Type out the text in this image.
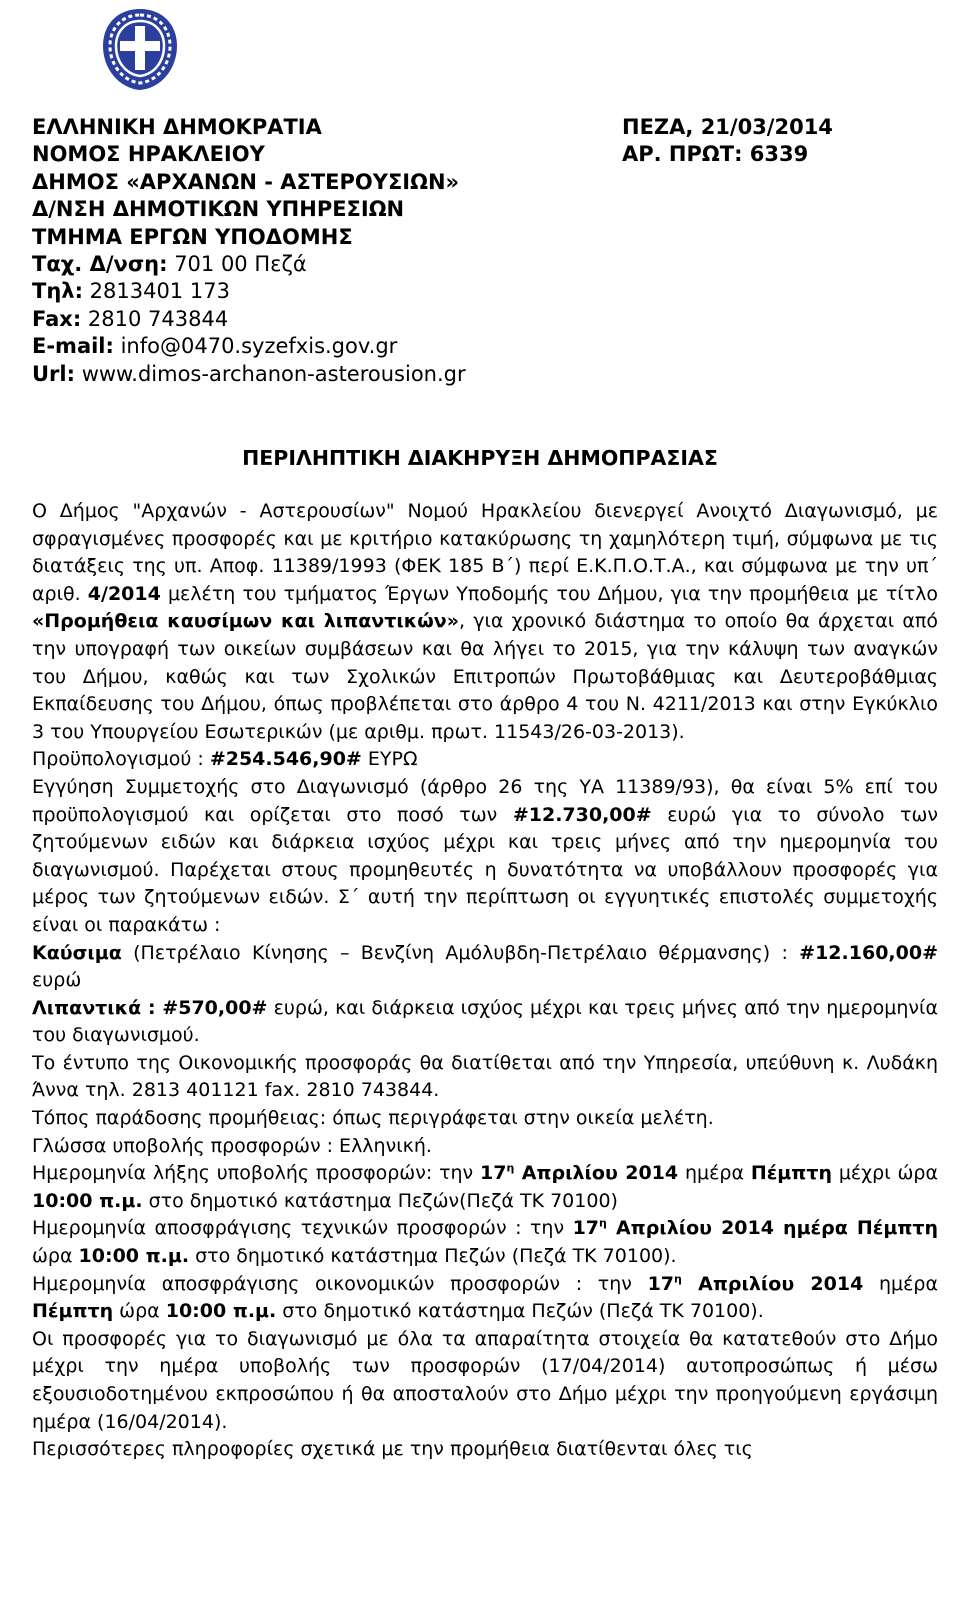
ΕΛΛΗΝΙΚΗ ΔΗΜΟΚΡΑΤΙΑ
ΝΟΜΟΣ ΗΡΑΚΛΕΙΟΥ
ΔΗΜΟΣ «ΑΡΧΑΝΩΝ - ΑΣΤΕΡΟΥΣΙΩΝ»
Δ/ΝΣΗ ΔΗΜΟΤΙΚΩΝ ΥΠΗΡΕΣΙΩΝ
ΤΜΗΜΑ ΕΡΓΩΝ ΥΠΟΔΟΜΗΣ
Ταχ. Δ/νση: 701 00 Πεζά
Τηλ: 2813401 173
Fax: 2810 743844
E-mail: info@0470.syzefxis.gov.gr
Url: www.dimos-archanon-asterousion.gr
ΠΕΖΑ, 21/03/2014
ΑΡ. ΠΡΩΤ: 6339
ΠΕΡΙΛΗΠΤΙΚΗ ΔΙΑΚΗΡΥΞΗ ΔΗΜΟΠΡΑΣΙΑΣ

Ο Δήμος "Αρχανών - Αστερουσίων" Νομού Ηρακλείου διενεργεί Ανοιχτό Διαγωνισμό, με σφραγισμένες προσφορές και με κριτήριο κατακύρωσης τη χαμηλότερη τιμή, σύμφωνα με τις διατάξεις της υπ. Αποφ. 11389/1993 (ΦΕΚ 185 Β΄) περί Ε.Κ.Π.Ο.Τ.Α., και σύμφωνα με την υπ΄ αριθ. 4/2014 μελέτη του τμήματος Έργων Υποδομής του Δήμου, για την προμήθεια με τίτλο «Προμήθεια καυσίμων και λιπαντικών», για χρονικό διάστημα το οποίο θα άρχεται από την υπογραφή των οικείων συμβάσεων και θα λήγει το 2015, για την κάλυψη των αναγκών του Δήμου, καθώς και των Σχολικών Επιτροπών Πρωτοβάθμιας και Δευτεροβάθμιας Εκπαίδευσης του Δήμου, όπως προβλέπεται στο άρθρο 4 του Ν. 4211/2013 και στην Εγκύκλιο 3 του Υπουργείου Εσωτερικών (με αριθμ. πρωτ. 11543/26-03-2013).

Προϋπολογισμού : #254.546,90# ΕΥΡΩ

Εγγύηση Συμμετοχής στο Διαγωνισμό (άρθρο 26 της ΥΑ 11389/93), θα είναι 5% επί του προϋπολογισμού και ορίζεται στο ποσό των #12.730,00# ευρώ για το σύνολο των ζητούμενων ειδών και διάρκεια ισχύος μέχρι και τρεις μήνες από την ημερομηνία του διαγωνισμού. Παρέχεται στους προμηθευτές η δυνατότητα να υποβάλλουν προσφορές για μέρος των ζητούμενων ειδών. Σ΄ αυτή την περίπτωση οι εγγυητικές επιστολές συμμετοχής είναι οι παρακάτω :

Καύσιμα (Πετρέλαιο Κίνησης – Βενζίνη Αμόλυβδη-Πετρέλαιο θέρμανσης) : #12.160,00# ευρώ

Λιπαντικά : #570,00# ευρώ, και διάρκεια ισχύος μέχρι και τρεις μήνες από την ημερομηνία του διαγωνισμού.

Το έντυπο της Οικονομικής προσφοράς θα διατίθεται από την Υπηρεσία, υπεύθυνη κ. Λυδάκη Άννα τηλ. 2813 401121 fax. 2810 743844.

Τόπος παράδοσης προμήθειας: όπως περιγράφεται στην οικεία μελέτη.

Γλώσσα υποβολής προσφορών : Ελληνική.

Ημερομηνία λήξης υποβολής προσφορών: την $17^\eta$ Απριλίου 2014 ημέρα Πέμπτη μέχρι ώρα 10:00 π.μ. στο δημοτικό κατάστημα Πεζών(Πεζά ΤΚ 70100)

Ημερομηνία αποσφράγισης τεχνικών προσφορών : την $17^\eta$ Απριλίου 2014 ημέρα Πέμπτη ώρα 10:00 π.μ. στο δημοτικό κατάστημα Πεζών (Πεζά ΤΚ 70100).

Ημερομηνία αποσφράγισης οικονομικών προσφορών : την $17^\eta$ Απριλίου 2014 ημέρα Πέμπτη ώρα 10:00 π.μ. στο δημοτικό κατάστημα Πεζών (Πεζά ΤΚ 70100).

Οι προσφορές για το διαγωνισμό με όλα τα απαραίτητα στοιχεία θα κατατεθούν στο Δήμο μέχρι την ημέρα υποβολής των προσφορών (17/04/2014) αυτοπροσώπως ή μέσω εξουσιοδοτημένου εκπροσώπου ή θα αποσταλούν στο Δήμο μέχρι την προηγούμενη εργάσιμη ημέρα (16/04/2014).

Περισσότερες πληροφορίες σχετικά με την προμήθεια διατίθενται όλες τις
